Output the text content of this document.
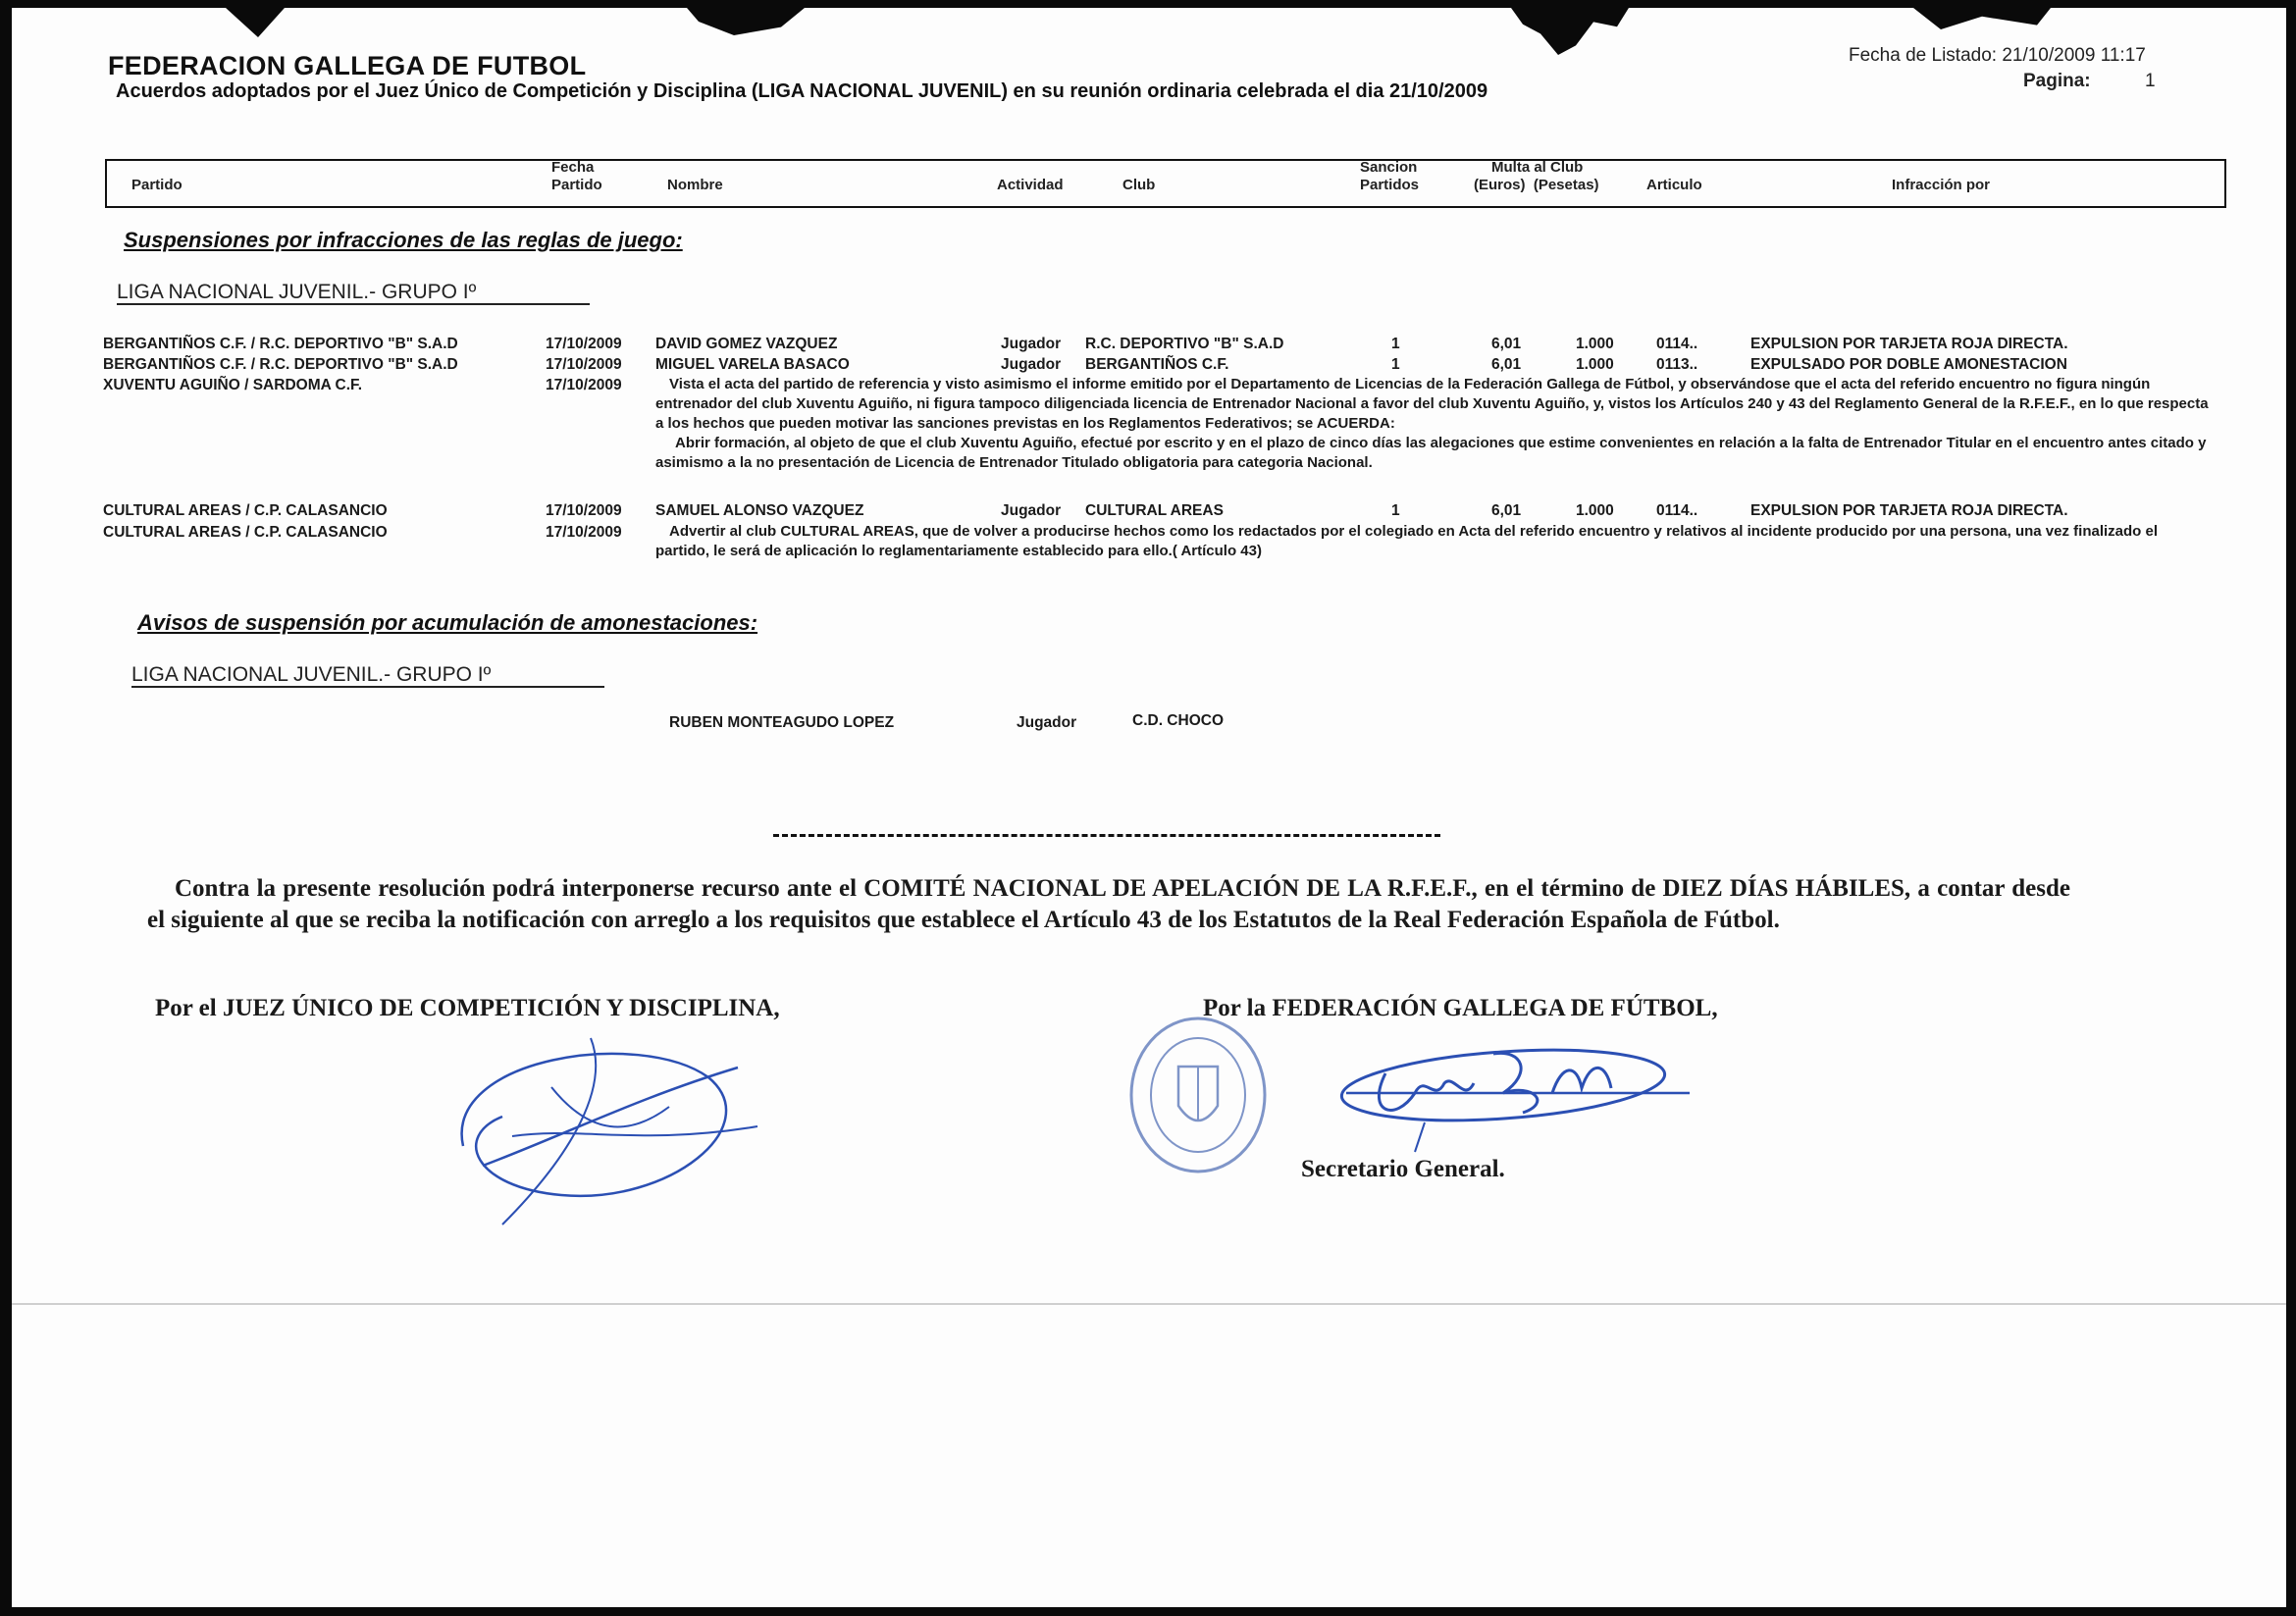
FEDERACION GALLEGA DE FUTBOL
Acuerdos adoptados por el Juez Único de Competición y Disciplina (LIGA NACIONAL JUVENIL) en su reunión ordinaria celebrada el dia 21/10/2009
Fecha de Listado: 21/10/2009 11:17
Pagina:	1
Partido
Fecha
Partido	Nombre	Actividad	Club
Sancion
Partidos
Multa al Club
(Euros)  (Pesetas)	Articulo	Infracción por
Suspensiones por infracciones de las reglas de juego:
LIGA NACIONAL JUVENIL.- GRUPO Iº
BERGANTIÑOS C.F. / R.C. DEPORTIVO "B" S.A.D	17/10/2009 DAVID GOMEZ VAZQUEZ	Jugador R.C. DEPORTIVO "B" S.A.D	1	6,01	1.000	0114..	EXPULSION POR TARJETA ROJA DIRECTA.
BERGANTIÑOS C.F. / R.C. DEPORTIVO "B" S.A.D	17/10/2009 MIGUEL VARELA BASACO	Jugador BERGANTIÑOS C.F.	1	6,01	1.000	0113..	EXPULSADO POR DOBLE AMONESTACION
XUVENTU AGUIÑO / SARDOMA C.F.	17/10/2009	Vista el acta del partido de referencia y visto asimismo el informe emitido por el Departamento de Licencias de la Federación Gallega de Fútbol, y observándose que el acta del referido encuentro no figura ningún entrenador del club Xuventu Aguiño, ni figura tampoco diligenciada licencia de Entrenador Nacional a favor del club Xuventu Aguiño, y, vistos los Artículos 240 y 43 del Reglamento General de la R.F.E.F., en lo que respecta a los hechos que pueden motivar las sanciones previstas en los Reglamentos Federativos; se ACUERDA:
Abrir formación, al objeto de que el club Xuventu Aguiño, efectué por escrito y en el plazo de cinco días las alegaciones que estime convenientes en relación a la falta de Entrenador Titular en el encuentro antes citado y asimismo a la no presentación de Licencia de Entrenador Titulado obligatoria para categoria Nacional.
CULTURAL AREAS / C.P. CALASANCIO	17/10/2009 SAMUEL ALONSO VAZQUEZ	Jugador CULTURAL AREAS	1	6,01	1.000	0114..	EXPULSION POR TARJETA ROJA DIRECTA.
CULTURAL AREAS / C.P. CALASANCIO	17/10/2009	Advertir al club CULTURAL AREAS, que de volver a producirse hechos como los redactados por el colegiado en Acta del referido encuentro y relativos al incidente producido por una persona, una vez finalizado el partido, le será de aplicación lo reglamentariamente establecido para ello.( Artículo 43)
Avisos de suspensión por acumulación de amonestaciones:
LIGA NACIONAL JUVENIL.- GRUPO Iº
RUBEN MONTEAGUDO LOPEZ	Jugador	C.D. CHOCO

Contra la presente resolución podrá interponerse recurso ante el COMITÉ NACIONAL DE APELACIÓN DE LA R.F.E.F., en el término de DIEZ DÍAS HÁBILES, a contar desde el siguiente al que se reciba la notificación con arreglo a los requisitos que establece el Artículo 43 de los Estatutos de la Real Federación Española de Fútbol.

Por el JUEZ ÚNICO DE COMPETICIÓN Y DISCIPLINA,	Por la FEDERACIÓN GALLEGA DE FÚTBOL,
Secretario General.
